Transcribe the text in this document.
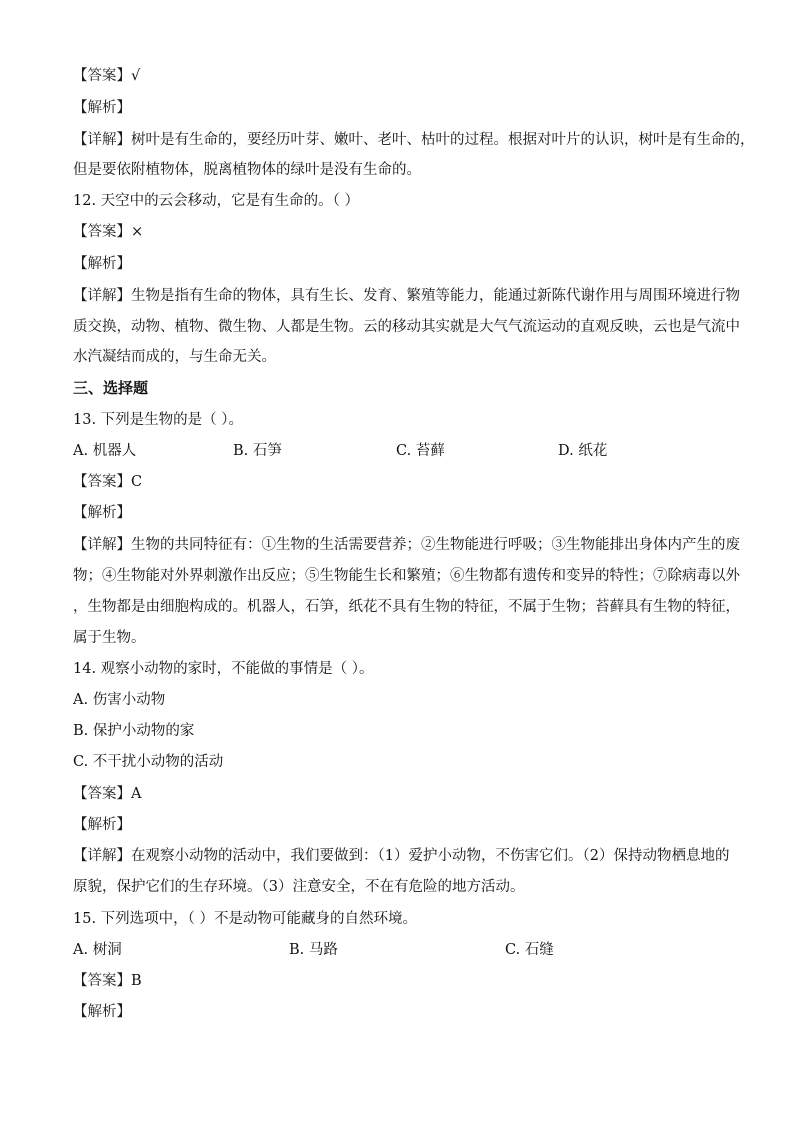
【答案】√
【解析】
【详解】树叶是有生命的，要经历叶芽、嫩叶、老叶、枯叶的过程。根据对叶片的认识，树叶是有生命的，
但是要依附植物体，脱离植物体的绿叶是没有生命的。
12. 天空中的云会移动，它是有生命的。（ ）
【答案】×
【解析】
【详解】生物是指有生命的物体，具有生长、发育、繁殖等能力，能通过新陈代谢作用与周围环境进行物
质交换，动物、植物、微生物、人都是生物。云的移动其实就是大气气流运动的直观反映，云也是气流中
水汽凝结而成的，与生命无关。
三、选择题
13. 下列是生物的是（ ）。
A. 机器人	B. 石笋	C. 苔藓	D. 纸花
【答案】C
【解析】
【详解】生物的共同特征有：①生物的生活需要营养；②生物能进行呼吸；③生物能排出身体内产生的废
物；④生物能对外界刺激作出反应；⑤生物能生长和繁殖；⑥生物都有遗传和变异的特性；⑦除病毒以外
，生物都是由细胞构成的。机器人，石笋，纸花不具有生物的特征，不属于生物；苔藓具有生物的特征，
属于生物。
14. 观察小动物的家时，不能做的事情是（ ）。
A. 伤害小动物
B. 保护小动物的家
C. 不干扰小动物的活动
【答案】A
【解析】
【详解】在观察小动物的活动中，我们要做到：（1）爱护小动物，不伤害它们。（2）保持动物栖息地的
原貌，保护它们的生存环境。（3）注意安全，不在有危险的地方活动。
15. 下列选项中，（ ）不是动物可能藏身的自然环境。
A. 树洞	B. 马路	C. 石缝
【答案】B
【解析】
